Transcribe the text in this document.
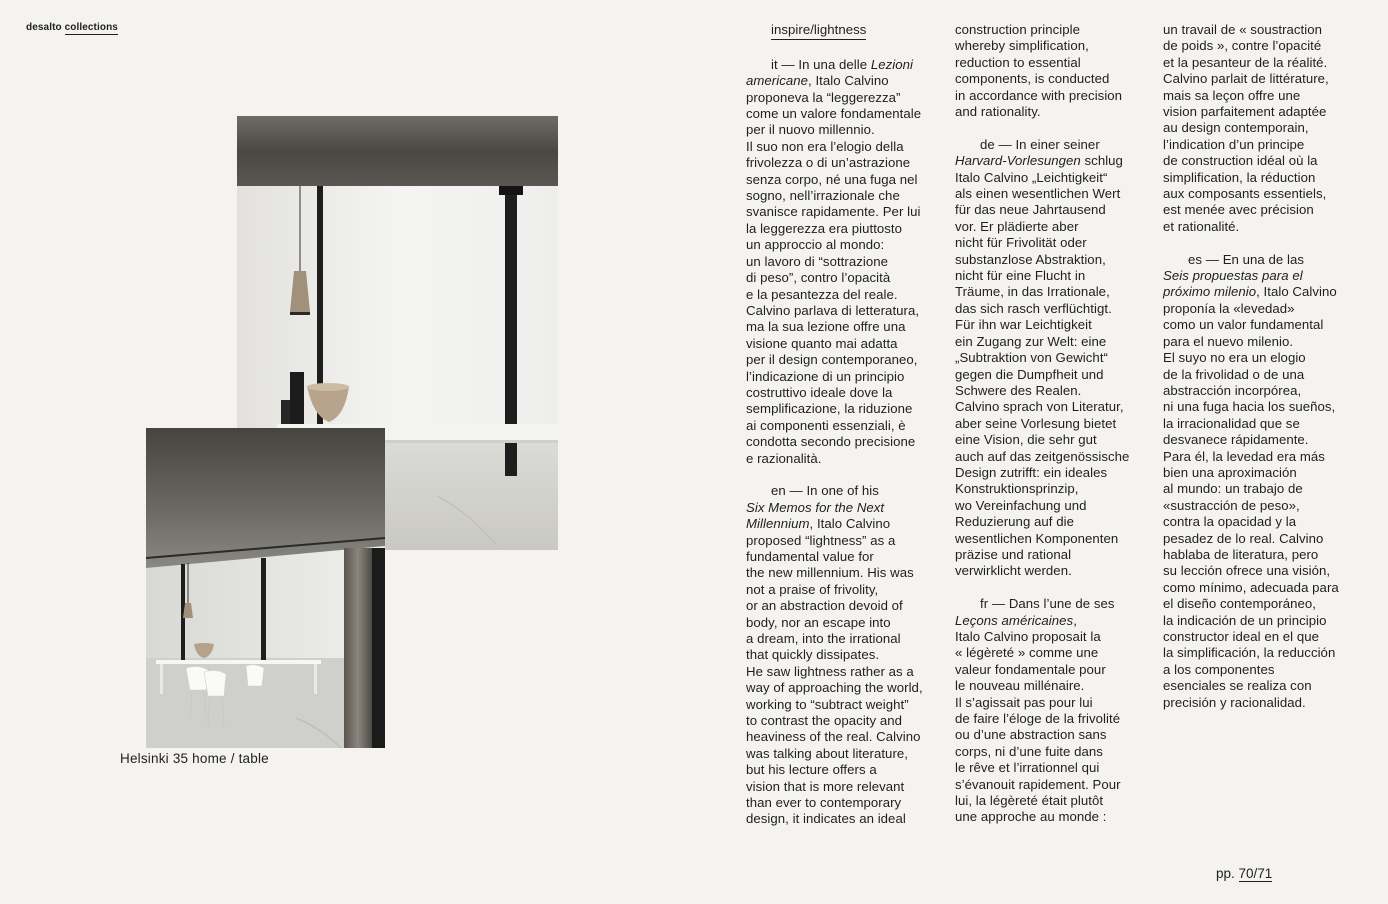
desalto collections
Helsinki 35 home / table
inspire/lightness

it — In una delle Lezioni
americane, Italo Calvino
proponeva la “leggerezza”
come un valore fondamentale
per il nuovo millennio.
Il suo non era l’elogio della
frivolezza o di un’astrazione
senza corpo, né una fuga nel
sogno, nell’irrazionale che
svanisce rapidamente. Per lui
la leggerezza era piuttosto
un approccio al mondo:
un lavoro di “sottrazione
di peso”, contro l’opacità
e la pesantezza del reale.
Calvino parlava di letteratura,
ma la sua lezione offre una
visione quanto mai adatta
per il design contemporaneo,
l’indicazione di un principio
costruttivo ideale dove la
semplificazione, la riduzione
ai componenti essenziali, è
condotta secondo precisione
e razionalità.
en — In one of his
Six Memos for the Next
Millennium, Italo Calvino
proposed “lightness” as a
fundamental value for
the new millennium. His was
not a praise of frivolity,
or an abstraction devoid of
body, nor an escape into
a dream, into the irrational
that quickly dissipates.
He saw lightness rather as a
way of approaching the world,
working to “subtract weight”
to contrast the opacity and
heaviness of the real. Calvino
was talking about literature,
but his lecture offers a
vision that is more relevant
than ever to contemporary
design, it indicates an ideal
construction principle
whereby simplification,
reduction to essential
components, is conducted
in accordance with precision
and rationality.
de — In einer seiner
Harvard-Vorlesungen schlug
Italo Calvino „Leichtigkeit“
als einen wesentlichen Wert
für das neue Jahrtausend
vor. Er plädierte aber
nicht für Frivolität oder
substanzlose Abstraktion,
nicht für eine Flucht in
Träume, in das Irrationale,
das sich rasch verflüchtigt.
Für ihn war Leichtigkeit
ein Zugang zur Welt: eine
„Subtraktion von Gewicht“
gegen die Dumpfheit und
Schwere des Realen.
Calvino sprach von Literatur,
aber seine Vorlesung bietet
eine Vision, die sehr gut
auch auf das zeitgenössische
Design zutrifft: ein ideales
Konstruktionsprinzip,
wo Vereinfachung und
Reduzierung auf die
wesentlichen Komponenten
präzise und rational
verwirklicht werden.
fr — Dans l’une de ses
Leçons américaines,
Italo Calvino proposait la
« légèreté » comme une
valeur fondamentale pour
le nouveau millénaire.
Il s’agissait pas pour lui
de faire l’éloge de la frivolité
ou d’une abstraction sans
corps, ni d’une fuite dans
le rêve et l’irrationnel qui
s’évanouit rapidement. Pour
lui, la légèreté était plutôt
une approche au monde :
un travail de « soustraction
de poids », contre l’opacité
et la pesanteur de la réalité.
Calvino parlait de littérature,
mais sa leçon offre une
vision parfaitement adaptée
au design contemporain,
l’indication d’un principe
de construction idéal où la
simplification, la réduction
aux composants essentiels,
est menée avec précision
et rationalité.
es — En una de las
Seis propuestas para el
próximo milenio, Italo Calvino
proponía la «levedad»
como un valor fundamental
para el nuevo milenio.
El suyo no era un elogio
de la frivolidad o de una
abstracción incorpórea,
ni una fuga hacia los sueños,
la irracionalidad que se
desvanece rápidamente.
Para él, la levedad era más
bien una aproximación
al mundo: un trabajo de
«sustracción de peso»,
contra la opacidad y la
pesadez de lo real. Calvino
hablaba de literatura, pero
su lección ofrece una visión,
como mínimo, adecuada para
el diseño contemporáneo,
la indicación de un principio
constructor ideal en el que
la simplificación, la reducción
a los componentes
esenciales se realiza con
precisión y racionalidad.
pp. 70/71
